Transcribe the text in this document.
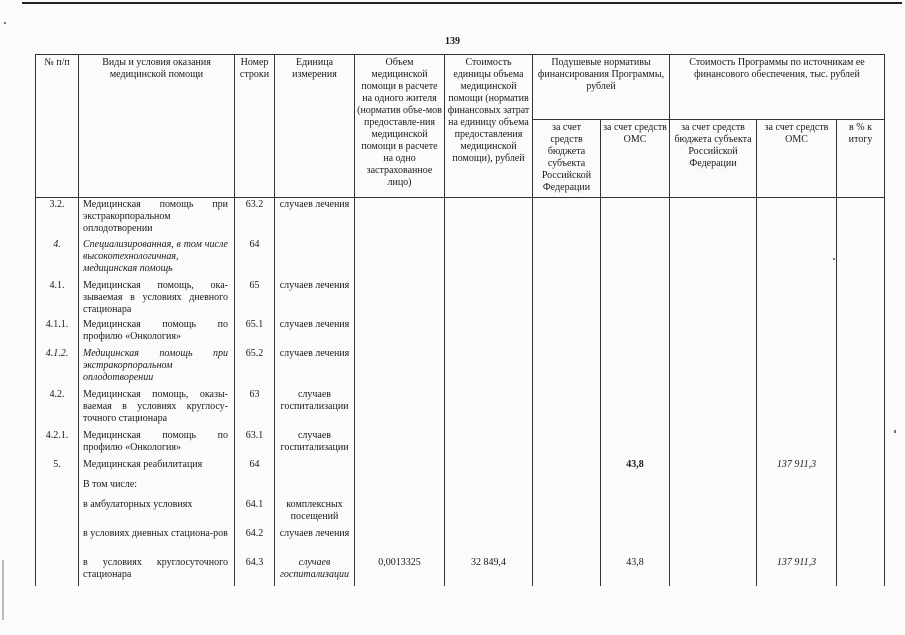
139
№ п/п	Виды и условия оказания медицинской помощи	Номер строки	Единица измерения	Объем медицинской помощи в расчете на одного жителя (норматив объе-мов предоставле-ния медицинской помощи в расчете на одно застрахованное лицо)	Стоимость единицы объема медицинской помощи (норматив финансовых затрат на единицу объема предоставления медицинской помощи), рублей	Подушевые нормативы финансирования Программы, рублей		Стоимость Программы по источникам ее финансового обеспечения, тыс. рублей		
						за счет средств бюджета субъекта Российской Федерации	за счет средств ОМС	за счет средств бюджета субъекта Российской Федерации	за счет средств ОМС	в % к итогу
3.2.	Медицинская помощь при экстракорпоральном оплодотворении	63.2	случаев лечения							
4.	Специализированная, в том числе высокотехнологичная, медицинская помощь	64								
4.1.	Медицинская помощь, ока-зываемая в условиях дневного стационара	65	случаев лечения							
4.1.1.	Медицинская помощь по профилю «Онкология»	65.1	случаев лечения							
4.1.2.	Медицинская помощь при экстракорпоральном оплодотворении	65.2	случаев лечения							
4.2.	Медицинская помощь, оказы-ваемая в условиях круглосу-точного стационара	63	случаев госпитализации							
4.2.1.	Медицинская помощь по профилю «Онкология»	63.1	случаев госпитализации							
5.	Медицинская реабилитация	64					43,8		137 911,3	
	В том числе:									
	в амбулаторных условиях	64.1	комплексных посещений							
	в условиях дневных стациона-ров	64.2	случаев лечения							
	в условиях круглосуточного стационара	64.3	случаев госпитализации	0,0013325	32 849,4		43,8		137 911,3	
